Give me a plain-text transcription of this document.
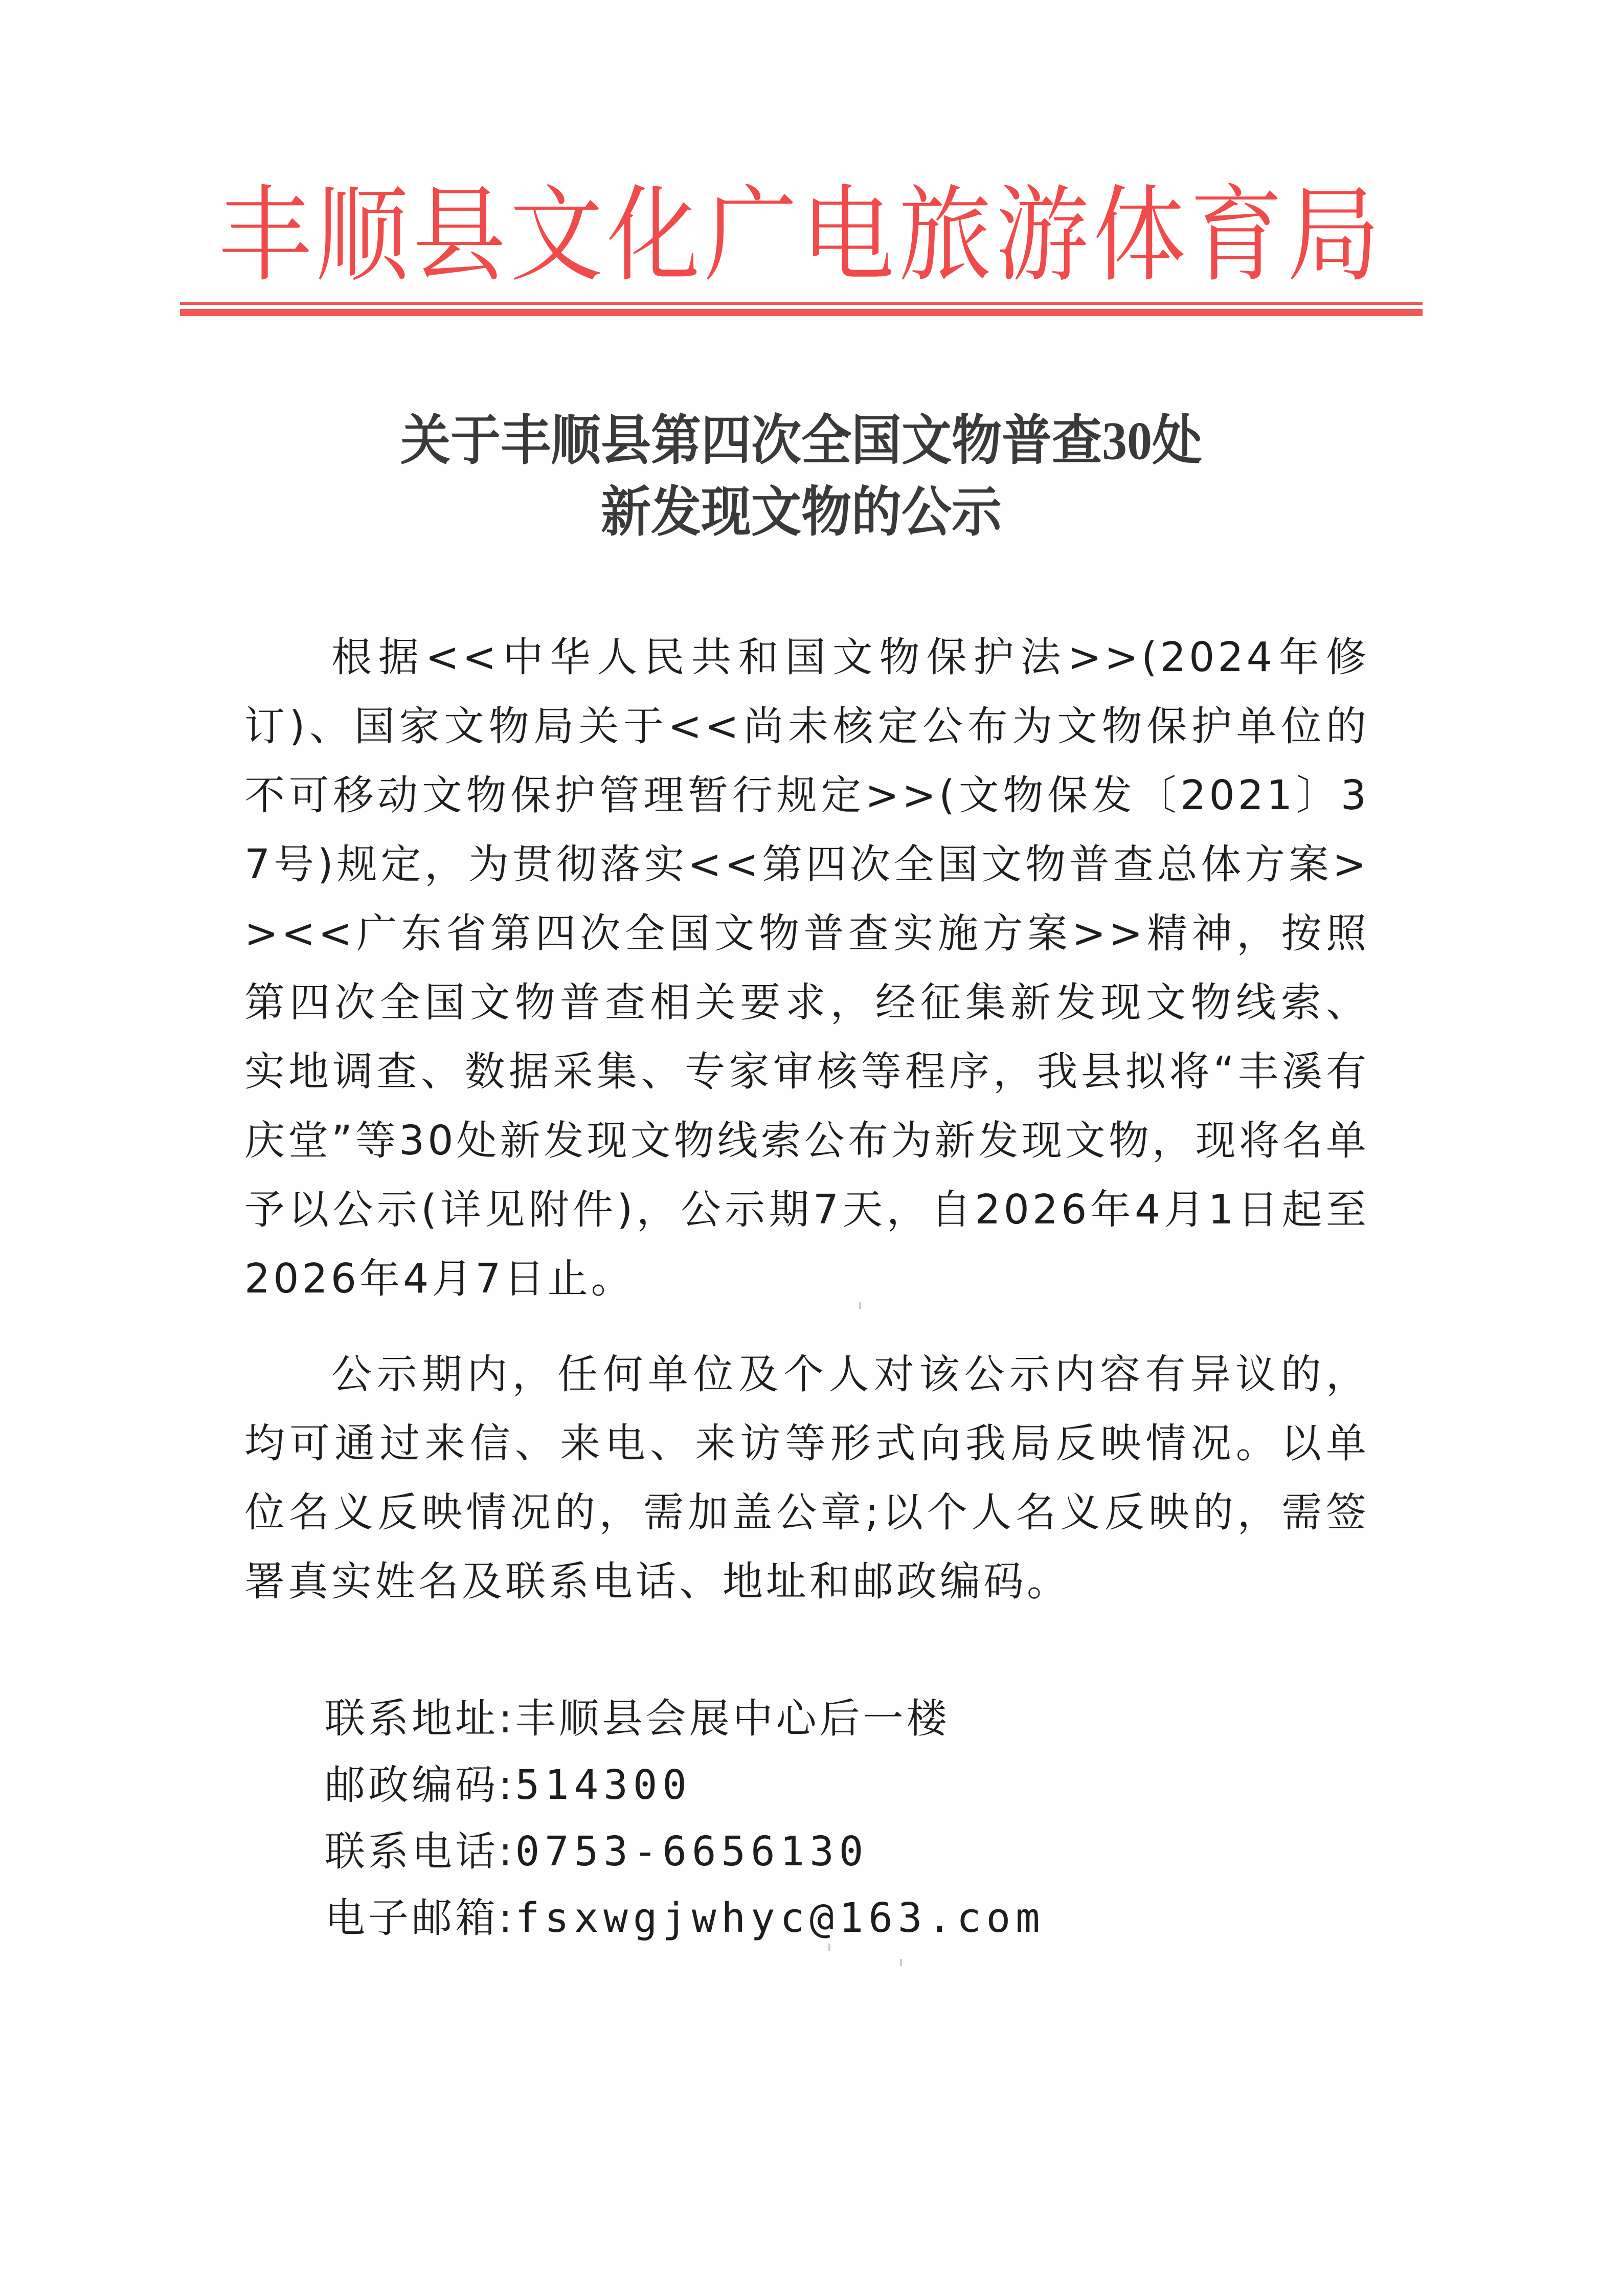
丰顺县文化广电旅游体育局
关于丰顺县第四次全国文物普查30处
新发现文物的公示

根据<<中华人民共和国文物保护法>>(2024年修订)、国家文物局关于<<尚未核定公布为文物保护单位的不可移动文物保护管理暂行规定>>(文物保发〔2021〕37号)规定，为贯彻落实<<第四次全国文物普查总体方案>><<广东省第四次全国文物普查实施方案>>精神，按照第四次全国文物普查相关要求，经征集新发现文物线索、实地调查、数据采集、专家审核等程序，我县拟将“丰溪有庆堂”等30处新发现文物线索公布为新发现文物，现将名单予以公示(详见附件)，公示期7天，自2026年4月1日起至2026年4月7日止。

公示期内，任何单位及个人对该公示内容有异议的，均可通过来信、来电、来访等形式向我局反映情况。以单位名义反映情况的，需加盖公章;以个人名义反映的，需签署真实姓名及联系电话、地址和邮政编码。

联系地址:丰顺县会展中心后一楼
邮政编码:514300
联系电话:0753-6656130
电子邮箱:fsxwgjwhyc@163.com
